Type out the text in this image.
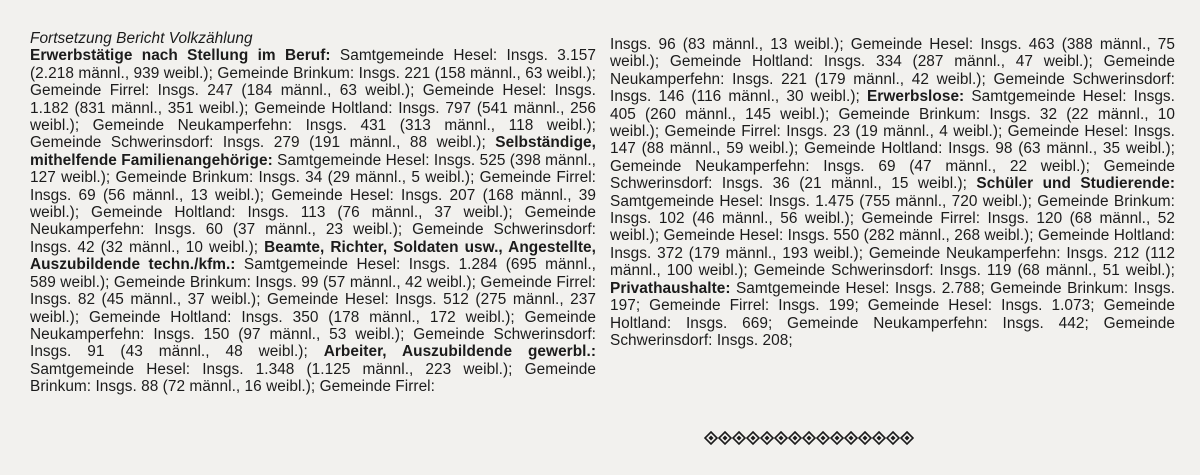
Fortsetzung Bericht Volkzählung

Erwerbstätige nach Stellung im Beruf: Samtgemeinde Hesel: Insgs. 3.157 (2.218 männl., 939 weibl.); Gemeinde Brinkum: Insgs. 221 (158 männl., 63 weibl.); Gemeinde Firrel: Insgs. 247 (184 männl., 63 weibl.); Gemeinde Hesel: Insgs. 1.182 (831 männl., 351 weibl.); Gemeinde Holtland: Insgs. 797 (541 männl., 256 weibl.); Gemeinde Neukamperfehn: Insgs. 431 (313 männl., 118 weibl.); Gemeinde Schwerinsdorf: Insgs. 279 (191 männl., 88 weibl.); Selbständige, mithelfende Familienangehörige: Samtgemeinde Hesel: Insgs. 525 (398 männl., 127 weibl.); Gemeinde Brinkum: Insgs. 34 (29 männl., 5 weibl.); Gemeinde Firrel: Insgs. 69 (56 männl., 13 weibl.); Gemeinde Hesel: Insgs. 207 (168 männl., 39 weibl.); Gemeinde Holtland: Insgs. 113 (76 männl., 37 weibl.); Gemeinde Neukamperfehn: Insgs. 60 (37 männl., 23 weibl.); Gemeinde Schwerinsdorf: Insgs. 42 (32 männl., 10 weibl.); Beamte, Richter, Soldaten usw., Angestellte, Auszubildende techn./kfm.: Samtgemeinde Hesel: Insgs. 1.284 (695 männl., 589 weibl.); Gemeinde Brinkum: Insgs. 99 (57 männl., 42 weibl.); Gemeinde Firrel: Insgs. 82 (45 männl., 37 weibl.); Gemeinde Hesel: Insgs. 512 (275 männl., 237 weibl.); Gemeinde Holtland: Insgs. 350 (178 männl., 172 weibl.); Gemeinde Neukamperfehn: Insgs. 150 (97 männl., 53 weibl.); Gemeinde Schwerinsdorf: Insgs. 91 (43 männl., 48 weibl.); Arbeiter, Auszubildende gewerbl.: Samtgemeinde Hesel: Insgs. 1.348 (1.125 männl., 223 weibl.); Gemeinde Brinkum: Insgs. 88 (72 männl., 16 weibl.); Gemeinde Firrel:

Insgs. 96 (83 männl., 13 weibl.); Gemeinde Hesel: Insgs. 463 (388 männl., 75 weibl.); Gemeinde Holtland: Insgs. 334 (287 männl., 47 weibl.); Gemeinde Neukamperfehn: Insgs. 221 (179 männl., 42 weibl.); Gemeinde Schwerinsdorf: Insgs. 146 (116 männl., 30 weibl.); Erwerbslose: Samtgemeinde Hesel: Insgs. 405 (260 männl., 145 weibl.); Gemeinde Brinkum: Insgs. 32 (22 männl., 10 weibl.); Gemeinde Firrel: Insgs. 23 (19 männl., 4 weibl.); Gemeinde Hesel: Insgs. 147 (88 männl., 59 weibl.); Gemeinde Holtland: Insgs. 98 (63 männl., 35 weibl.); Gemeinde Neukamperfehn: Insgs. 69 (47 männl., 22 weibl.); Gemeinde Schwerinsdorf: Insgs. 36 (21 männl., 15 weibl.); Schüler und Studierende: Samtgemeinde Hesel: Insgs. 1.475 (755 männl., 720 weibl.); Gemeinde Brinkum: Insgs. 102 (46 männl., 56 weibl.); Gemeinde Firrel: Insgs. 120 (68 männl., 52 weibl.); Gemeinde Hesel: Insgs. 550 (282 männl., 268 weibl.); Gemeinde Holtland: Insgs. 372 (179 männl., 193 weibl.); Gemeinde Neukamperfehn: Insgs. 212 (112 männl., 100 weibl.); Gemeinde Schwerinsdorf: Insgs. 119 (68 männl., 51 weibl.); Privathaushalte: Samtgemeinde Hesel: Insgs. 2.788; Gemeinde Brinkum: Insgs. 197; Gemeinde Firrel: Insgs. 199; Gemeinde Hesel: Insgs. 1.073; Gemeinde Holtland: Insgs. 669; Gemeinde Neukamperfehn: Insgs. 442; Gemeinde Schwerinsdorf: Insgs. 208;
